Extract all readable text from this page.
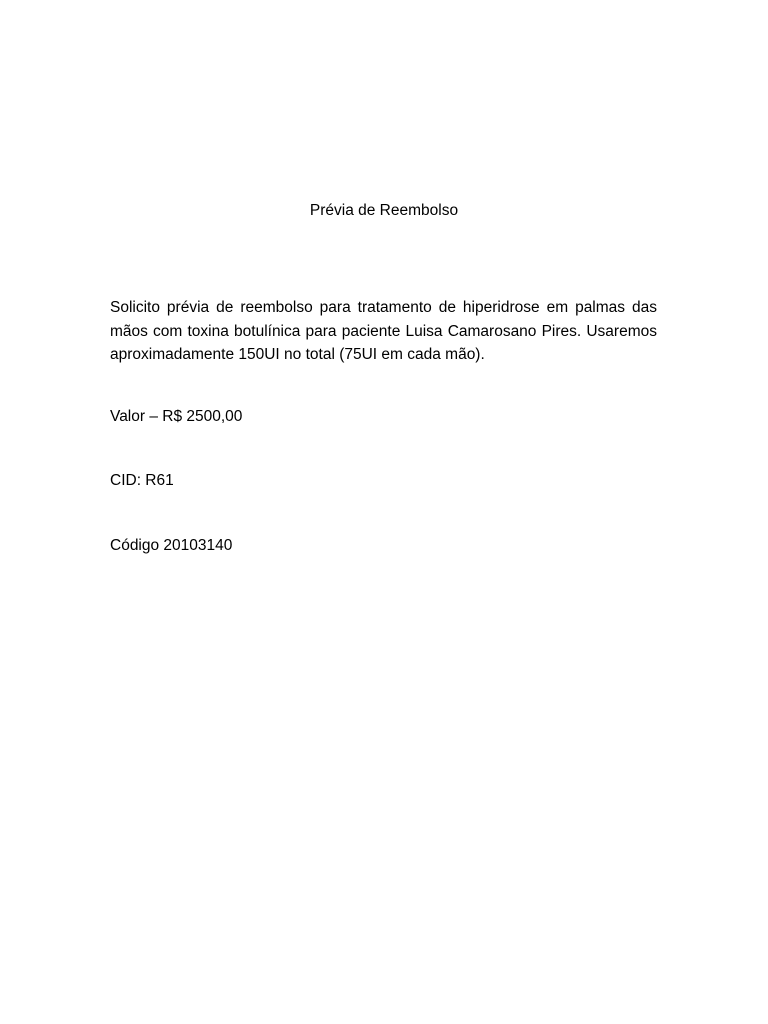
Prévia de Reembolso
Solicito prévia de reembolso para tratamento de hiperidrose em palmas das mãos com toxina botulínica para paciente Luisa Camarosano Pires. Usaremos aproximadamente 150UI no total (75UI em cada mão).
Valor – R$ 2500,00
CID: R61
Código 20103140
